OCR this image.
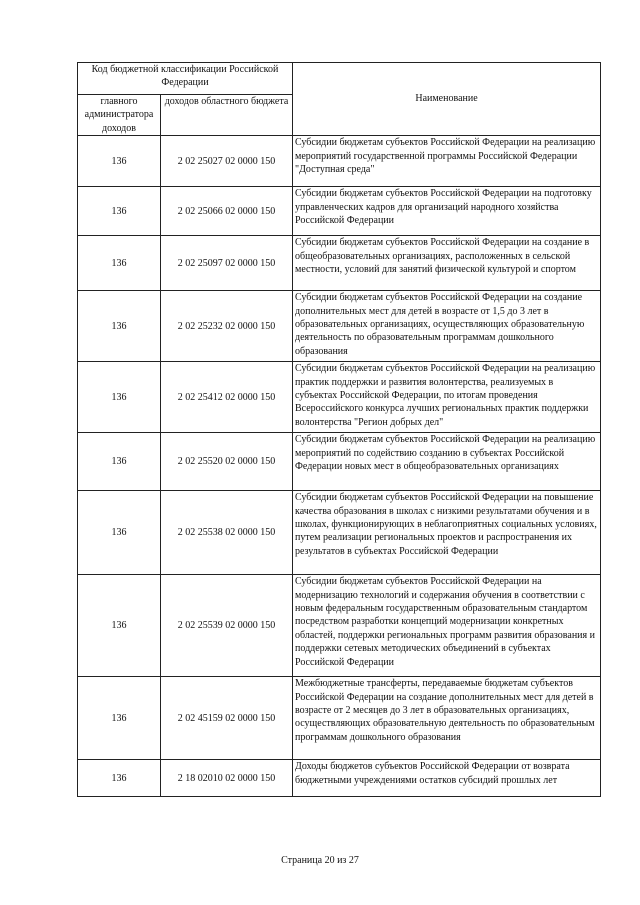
Код бюджетной классификации Российской Федерации		Наименование
главного администратора доходов	доходов областного бюджета	
136	2 02 25027 02 0000 150	Субсидии бюджетам субъектов Российской Федерации на реализацию мероприятий государственной программы Российской Федерации "Доступная среда"
136	2 02 25066 02 0000 150	Субсидии бюджетам субъектов Российской Федерации на подготовку управленческих кадров для организаций народного хозяйства Российской Федерации
136	2 02 25097 02 0000 150	Субсидии бюджетам субъектов Российской Федерации на создание в общеобразовательных организациях, расположенных в сельской местности, условий для занятий физической культурой и спортом
136	2 02 25232 02 0000 150	Субсидии бюджетам субъектов Российской Федерации на создание дополнительных мест для детей в возрасте от 1,5 до 3 лет в образовательных организациях, осуществляющих образовательную деятельность по образовательным программам дошкольного образования
136	2 02 25412 02 0000 150	Субсидии бюджетам субъектов Российской Федерации на реализацию практик поддержки и развития волонтерства, реализуемых в субъектах Российской Федерации, по итогам проведения Всероссийского конкурса лучших региональных практик поддержки волонтерства "Регион добрых дел"
136	2 02 25520 02 0000 150	Субсидии бюджетам субъектов Российской Федерации на реализацию мероприятий по содействию созданию в субъектах Российской Федерации новых мест в общеобразовательных организациях
136	2 02 25538 02 0000 150	Субсидии бюджетам субъектов Российской Федерации на повышение качества образования в школах с низкими результатами обучения и в школах, функционирующих в неблагоприятных социальных условиях, путем реализации региональных проектов и распространения их результатов в субъектах Российской Федерации
136	2 02 25539 02 0000 150	Субсидии бюджетам субъектов Российской Федерации на модернизацию технологий и содержания обучения в соответствии с новым федеральным государственным образовательным стандартом посредством разработки концепций модернизации конкретных областей, поддержки региональных программ развития образования и поддержки сетевых методических объединений в субъектах Российской Федерации
136	2 02 45159 02 0000 150	Межбюджетные трансферты, передаваемые бюджетам субъектов Российской Федерации на создание дополнительных мест для детей в возрасте от 2 месяцев до 3 лет в образовательных организациях, осуществляющих образовательную деятельность по образовательным программам дошкольного образования
136	2 18 02010 02 0000 150	Доходы бюджетов субъектов Российской Федерации от возврата бюджетными учреждениями остатков субсидий прошлых лет
Страница 20 из 27
